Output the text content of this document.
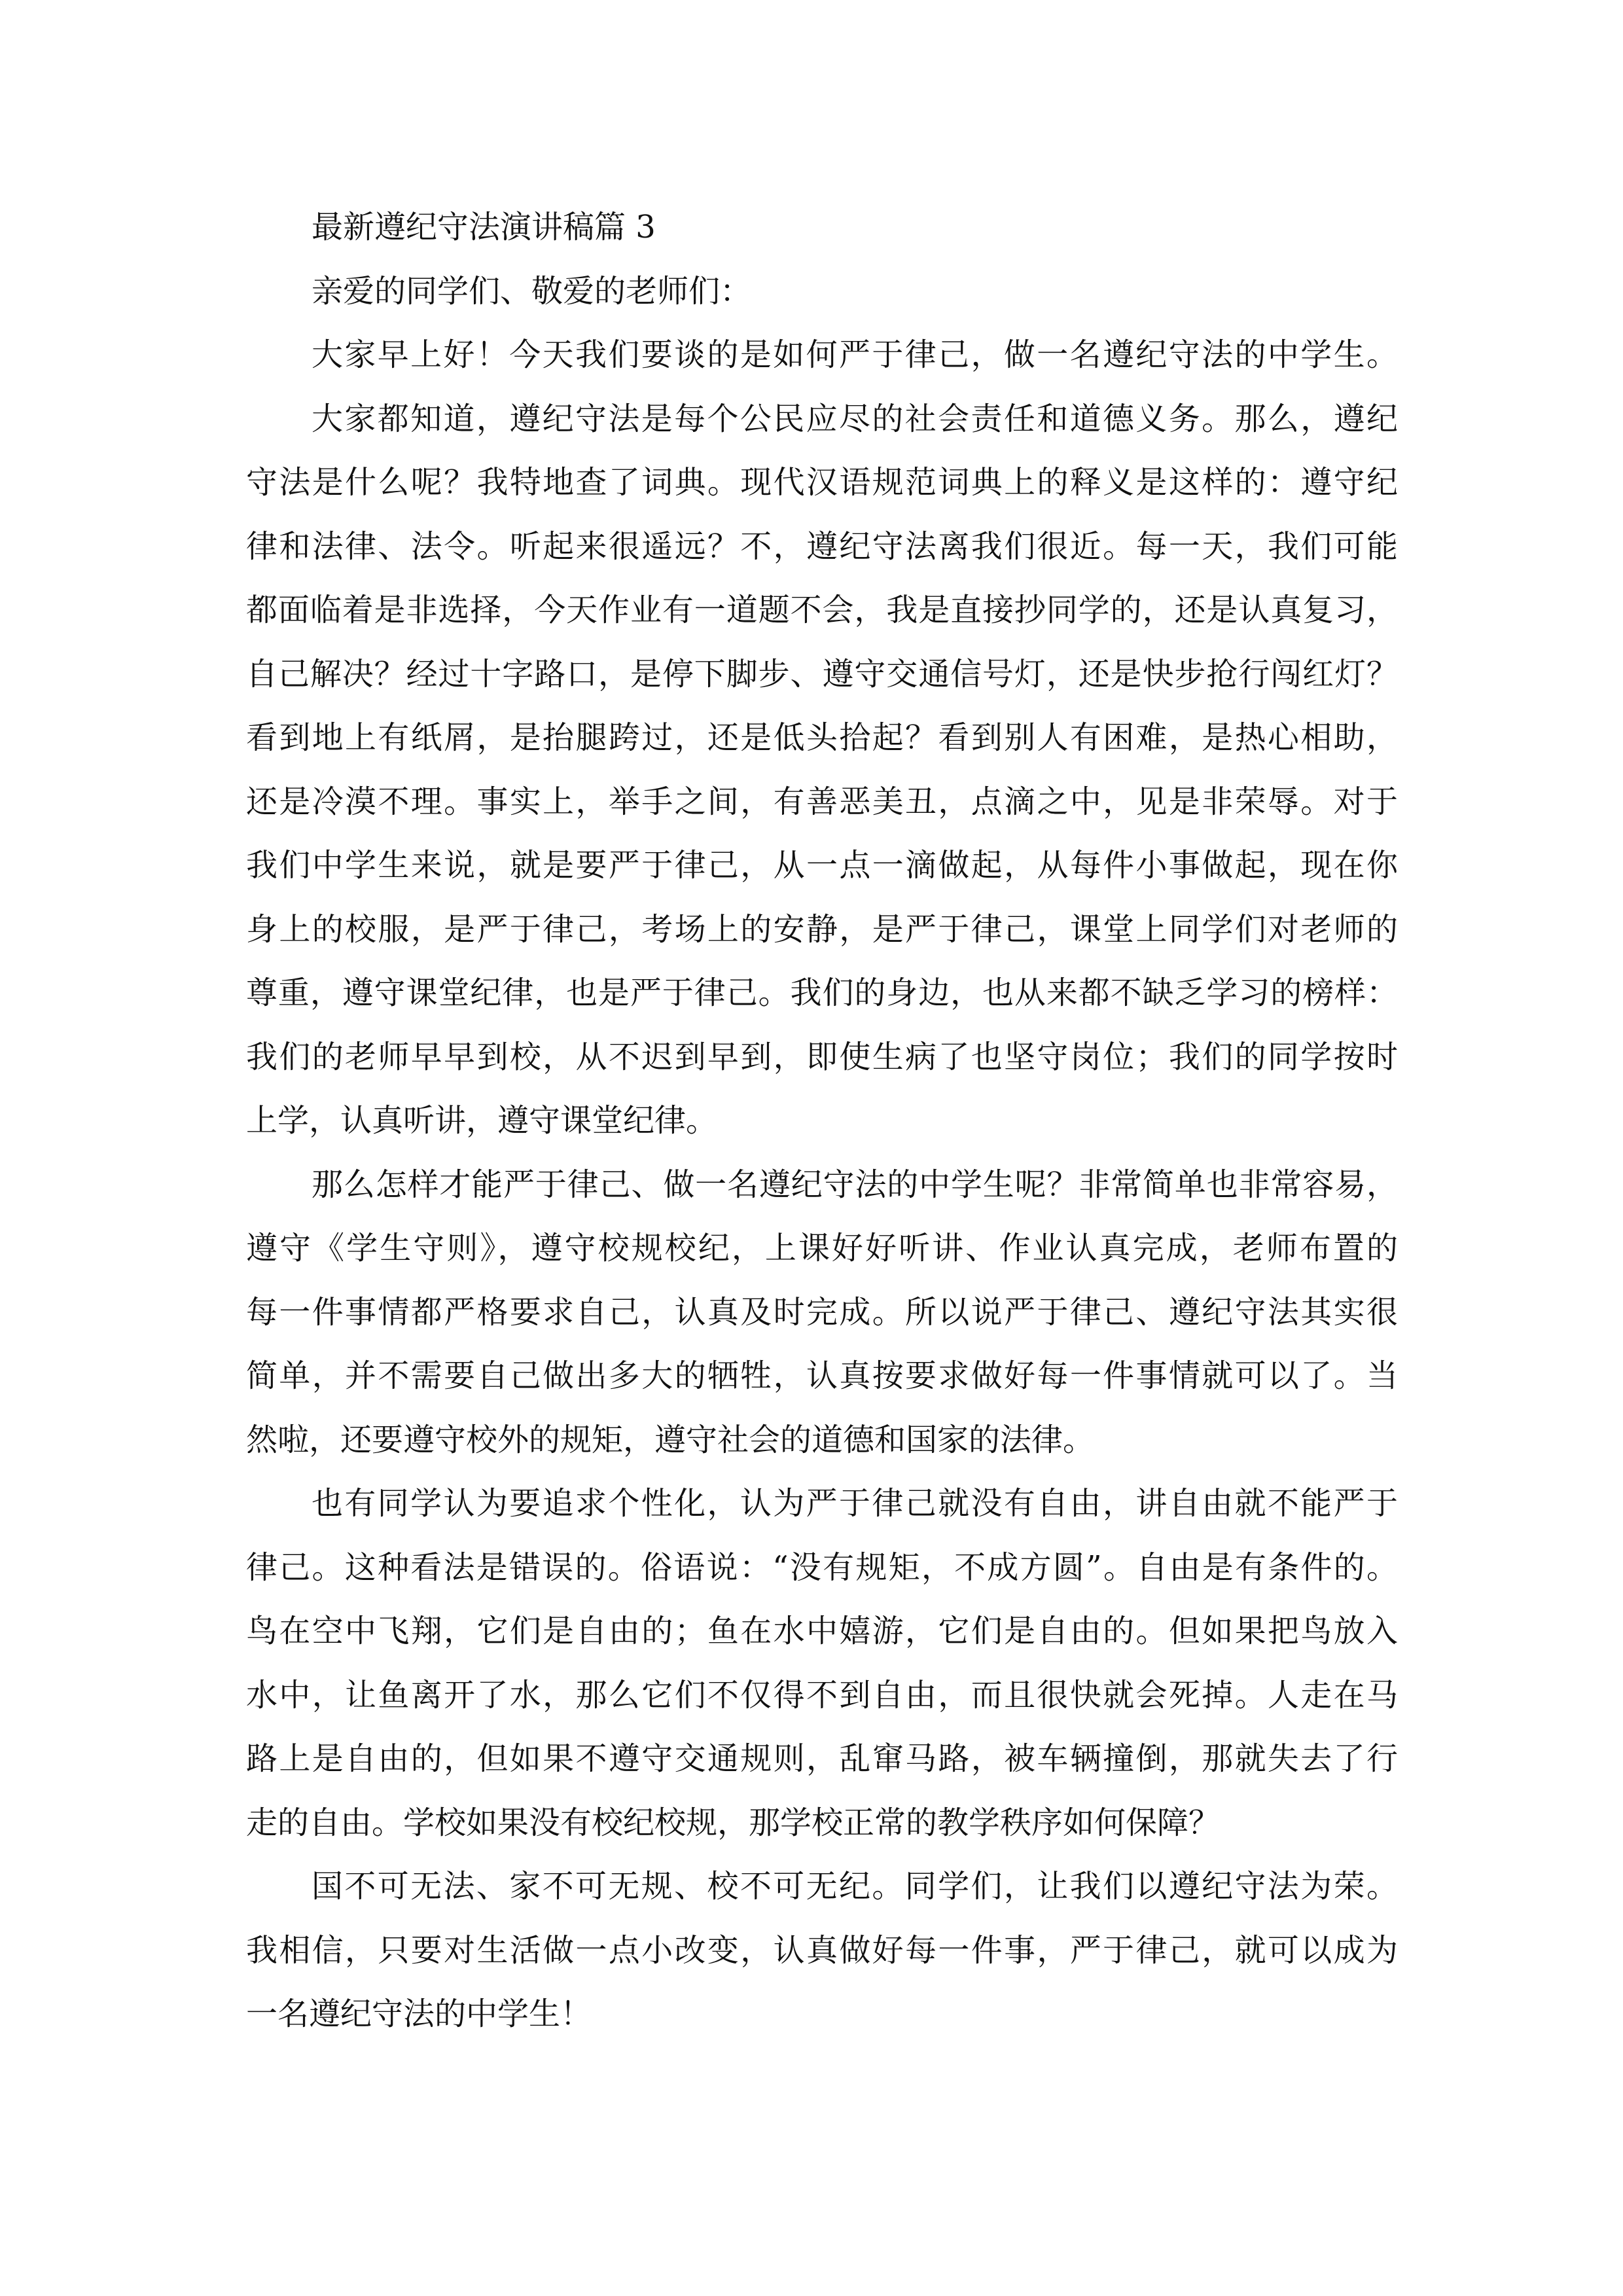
最新遵纪守法演讲稿篇 3
亲爱的同学们、敬爱的老师们：
大家早上好！今天我们要谈的是如何严于律己，做一名遵纪守法的中学生。
大家都知道，遵纪守法是每个公民应尽的社会责任和道德义务。那么，遵纪
守法是什么呢？我特地查了词典。现代汉语规范词典上的释义是这样的：遵守纪
律和法律、法令。听起来很遥远？不，遵纪守法离我们很近。每一天，我们可能
都面临着是非选择，今天作业有一道题不会，我是直接抄同学的，还是认真复习，
自己解决？经过十字路口，是停下脚步、遵守交通信号灯，还是快步抢行闯红灯？
看到地上有纸屑，是抬腿跨过，还是低头拾起？看到别人有困难，是热心相助，
还是冷漠不理。事实上，举手之间，有善恶美丑，点滴之中，见是非荣辱。对于
我们中学生来说，就是要严于律己，从一点一滴做起，从每件小事做起，现在你
身上的校服，是严于律己，考场上的安静，是严于律己，课堂上同学们对老师的
尊重，遵守课堂纪律，也是严于律己。我们的身边，也从来都不缺乏学习的榜样：
我们的老师早早到校，从不迟到早到，即使生病了也坚守岗位；我们的同学按时
上学，认真听讲，遵守课堂纪律。
那么怎样才能严于律己、做一名遵纪守法的中学生呢？非常简单也非常容易，
遵守《学生守则》，遵守校规校纪，上课好好听讲、作业认真完成，老师布置的
每一件事情都严格要求自己，认真及时完成。所以说严于律己、遵纪守法其实很
简单，并不需要自己做出多大的牺牲，认真按要求做好每一件事情就可以了。当
然啦，还要遵守校外的规矩，遵守社会的道德和国家的法律。
也有同学认为要追求个性化，认为严于律己就没有自由，讲自由就不能严于
律己。这种看法是错误的。俗语说：“没有规矩，不成方圆”。自由是有条件的。
鸟在空中飞翔，它们是自由的；鱼在水中嬉游，它们是自由的。但如果把鸟放入
水中，让鱼离开了水，那么它们不仅得不到自由，而且很快就会死掉。人走在马
路上是自由的，但如果不遵守交通规则，乱窜马路，被车辆撞倒，那就失去了行
走的自由。学校如果没有校纪校规，那学校正常的教学秩序如何保障？
国不可无法、家不可无规、校不可无纪。同学们，让我们以遵纪守法为荣。
我相信，只要对生活做一点小改变，认真做好每一件事，严于律己，就可以成为
一名遵纪守法的中学生！
